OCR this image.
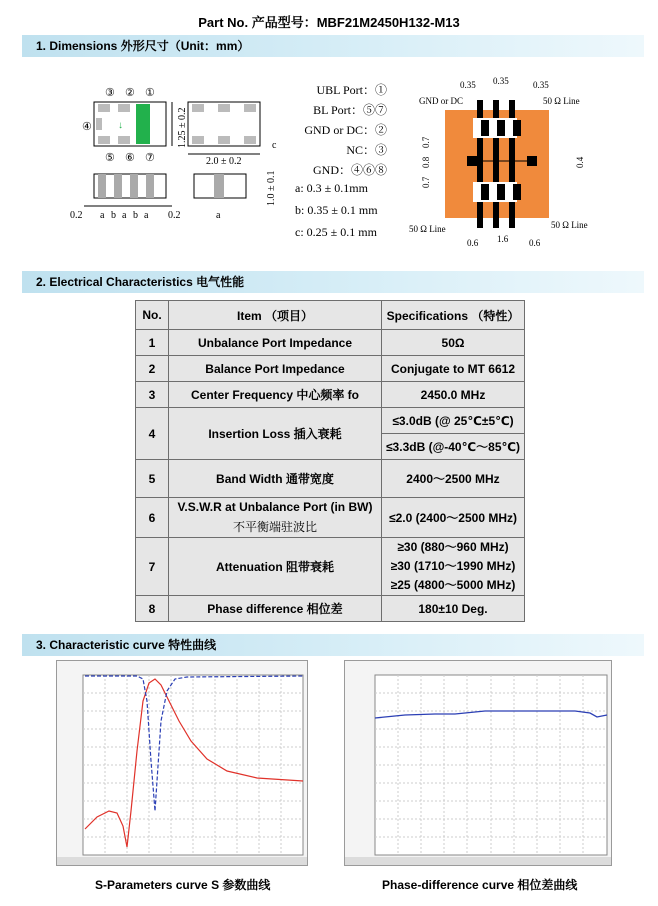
Part No. 产品型号：MBF21M2450H132-M13
1. Dimensions 外形尺寸（Unit：mm）
③ ② ①
④
⑤ ⑥ ⑦
↓	1.25 ± 0.2
2.0 ± 0.2
c
1.0 ± 0.1
0.2 a b a b a 0.2	a
UBL Port：①
BL Port：⑤⑦
GND or DC：②
NC：③
GND：④⑥⑧
a: 0.3 ± 0.1mm
b: 0.35 ± 0.1 mm
c: 0.25 ± 0.1 mm
0.35 0.35	0.35
GND or DC	50 Ω Line
0.7
0.8
0.7
0.4
50 Ω Line	50 Ω Line
0.6 1.6 0.6
2. Electrical Characteristics 电气性能
No.	Item （项目）	Specifications （特性）
1	Unbalance Port Impedance	50Ω
2	Balance Port Impedance	Conjugate to MT 6612
3	Center Frequency 中心频率 fo	2450.0 MHz
4	Insertion Loss 插入衰耗	≤3.0dB (@ 25℃±5℃)
		≤3.3dB (@-40℃～85℃)
5	Band Width 通带宽度	2400～2500 MHz
6	V.S.W.R at Unbalance Port (in BW)
不平衡端驻波比	≤2.0 (2400～2500 MHz)
7	Attenuation 阻带衰耗	≥30 (880～960 MHz)
≥30 (1710～1990 MHz)
≥25 (4800～5000 MHz)

8	Phase difference 相位差	180±10 Deg.
3. Characteristic curve 特性曲线
S-Parameters curve S 参数曲线	Phase-difference curve 相位差曲线
